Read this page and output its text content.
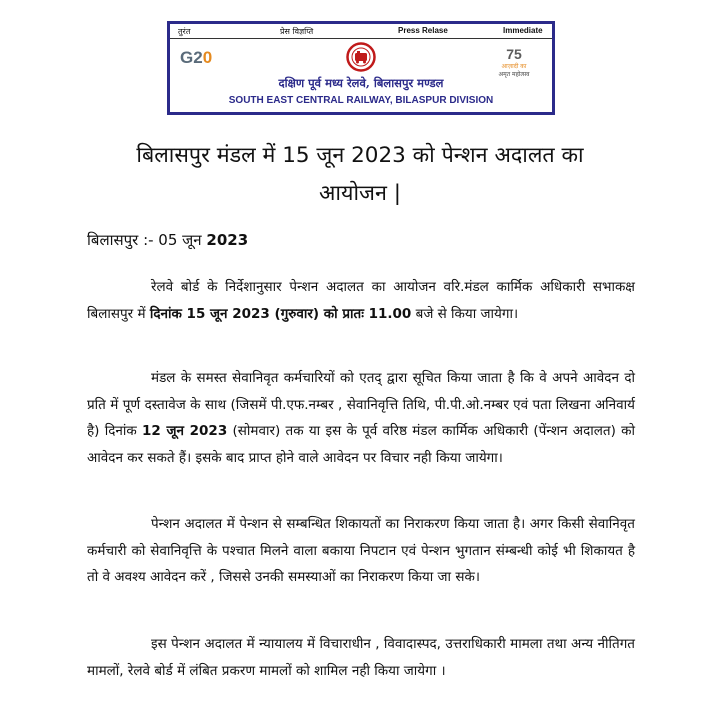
तुरंत	प्रेस विज्ञप्ति	Press Relase	Immediate
G20	75
आज़ादी का
अमृत महोत्सव
दक्षिण पूर्व मध्य रेलवे, बिलासपुर मण्डल
SOUTH EAST CENTRAL RAILWAY, BILASPUR DIVISION
बिलासपुर मंडल में 15 जून 2023 को पेन्शन अदालत का
आयोजन |
बिलासपुर :- 05 जून 2023
रेलवे बोर्ड के निर्देशानुसार पेन्शन अदालत का आयोजन वरि.मंडल कार्मिक अधिकारी सभाकक्ष बिलासपुर में दिनांक 15 जून 2023 (गुरुवार) को प्रातः 11.00 बजे से किया जायेगा।
मंडल के समस्त सेवानिवृत कर्मचारियों को एतद् द्वारा सूचित किया जाता है कि वे अपने आवेदन दो प्रति में पूर्ण दस्तावेज के साथ (जिसमें पी.एफ.नम्बर , सेवानिवृत्ति तिथि, पी.पी.ओ.नम्बर एवं पता लिखना अनिवार्य है) दिनांक 12 जून 2023 (सोमवार) तक या इस के पूर्व वरिष्ठ मंडल कार्मिक अधिकारी (पेंन्शन अदालत) को आवेदन कर सकते हैं। इसके बाद प्राप्त होने वाले आवेदन पर विचार नही किया जायेगा।
पेन्शन अदालत में पेन्शन से सम्बन्धित शिकायतों का निराकरण किया जाता है। अगर किसी सेवानिवृत कर्मचारी को सेवानिवृत्ति के पश्चात मिलने वाला बकाया निपटान एवं पेन्शन भुगतान संम्बन्धी कोई भी शिकायत है तो वे अवश्य आवेदन करें , जिससे उनकी समस्याओं का निराकरण किया जा सके।
इस पेन्शन अदालत में न्यायालय में विचाराधीन , विवादास्पद, उत्तराधिकारी मामला तथा अन्य नीतिगत मामलों, रेलवे बोर्ड में लंबित प्रकरण मामलों को शामिल नही किया जायेगा ।
